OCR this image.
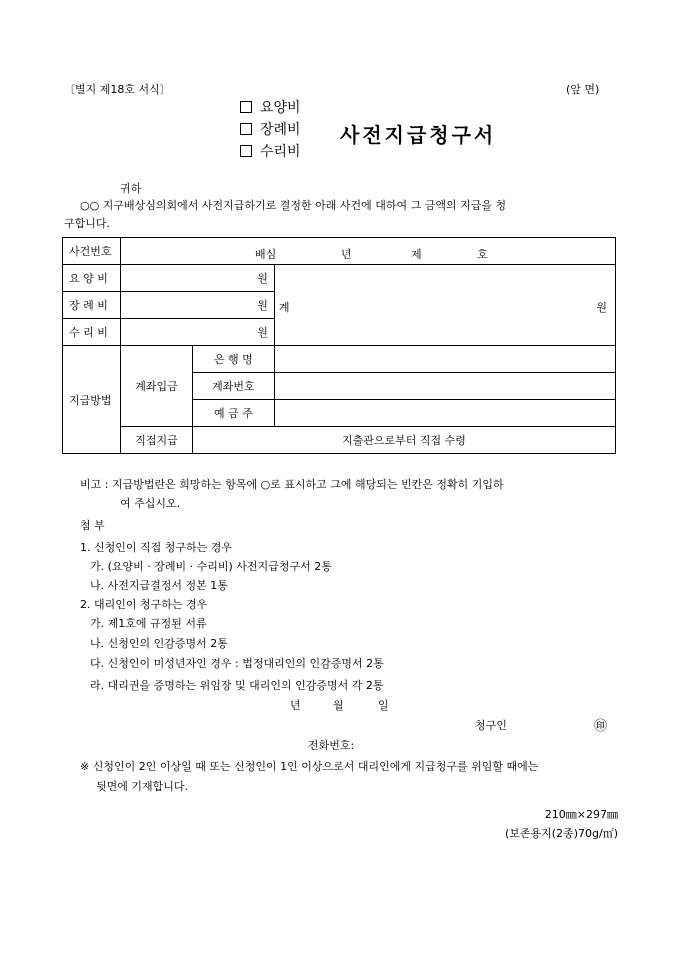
〔별지 제18호 서식〕	(앞 면)
요양비
장례비
수리비
사전지급청구서
귀하
○○ 지구배상심의회에서 사전지급하기로 결정한 아래 사건에 대하여 그 금액의 지급을 청
구합니다.
사건번호	배심 년 제 호		

요 양 비	원		계 원

장 례 비	원		
수 리 비	원		
지급방법	계좌입금	은 행 명	
		계좌번호	
		예 금 주	
	직접지급	지출관으로부터 직접 수령	
비고 : 지급방법란은 희망하는 항목에 ○로 표시하고 그에 해당되는 빈칸은 정확히 기입하
여 주십시오.
첨 부
1. 신청인이 직접 청구하는 경우
가. (요양비 · 장례비 · 수리비) 사전지급청구서 2통
나. 사전지급결정서 정본 1통
2. 대리인이 청구하는 경우
가. 제1호에 규정된 서류
나. 신청인의 인감증명서 2통
다. 신청인이 미성년자인 경우 : 법정대리인의 인감증명서 2통
라. 대리권을 증명하는 위임장 및 대리인의 인감증명서 각 2통
년	월	일
청구인	㊞
전화번호:
※ 신청인이 2인 이상일 때 또는 신청인이 1인 이상으로서 대리인에게 지급청구를 위임할 때에는
뒷면에 기재합니다.
210㎜×297㎜
(보존용지(2종)70g/㎡)
